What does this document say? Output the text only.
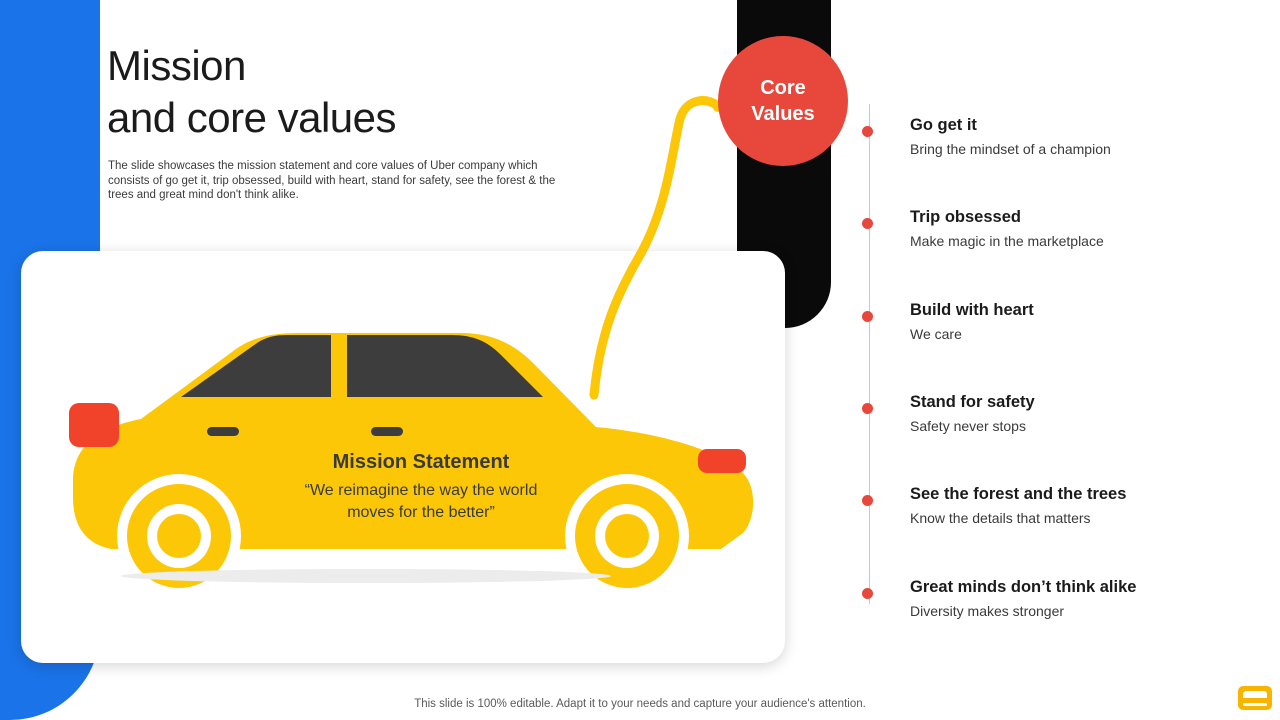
Mission
and core values
The slide showcases the mission statement and core values of Uber company which consists of go get it, trip obsessed, build with heart, stand for safety, see the forest & the trees and great mind don't think alike.
Mission Statement
“We reimagine the way the world
moves for the better”
Core
Values	Go get it
Bring the mindset of a champion
Trip obsessed
Make magic in the marketplace
Build with heart
We care
Stand for safety
Safety never stops
See the forest and the trees
Know the details that matters
Great minds don’t think alike
Diversity makes stronger
This slide is 100% editable. Adapt it to your needs and capture your audience's attention.
